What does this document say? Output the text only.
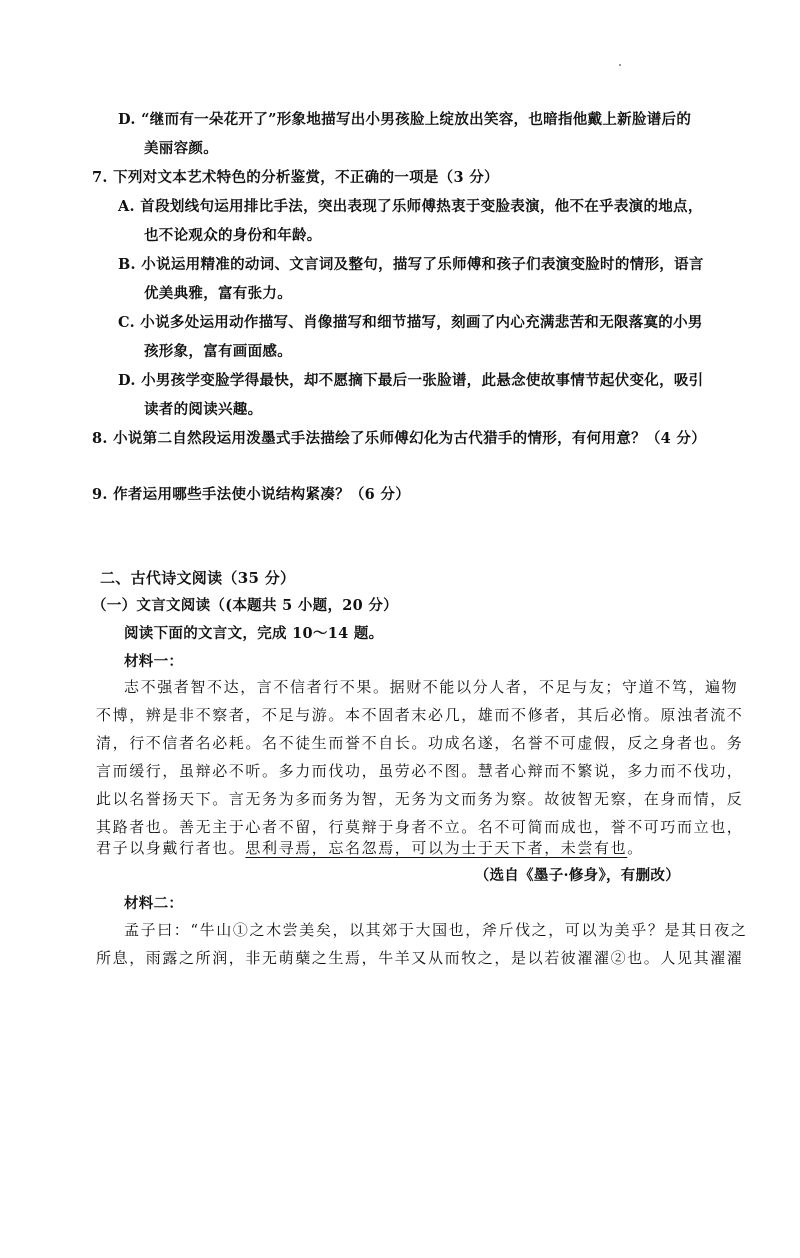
D. “继而有一朵花开了”形象地描写出小男孩脸上绽放出笑容，也暗指他戴上新脸谱后的
美丽容颜。
7. 下列对文本艺术特色的分析鉴赏，不正确的一项是（3 分）
A. 首段划线句运用排比手法，突出表现了乐师傅热衷于变脸表演，他不在乎表演的地点，
也不论观众的身份和年龄。
B. 小说运用精准的动词、文言词及整句，描写了乐师傅和孩子们表演变脸时的情形，语言
优美典雅，富有张力。
C. 小说多处运用动作描写、肖像描写和细节描写，刻画了内心充满悲苦和无限落寞的小男
孩形象，富有画面感。
D. 小男孩学变脸学得最快，却不愿摘下最后一张脸谱，此悬念使故事情节起伏变化，吸引
读者的阅读兴趣。
8. 小说第二自然段运用泼墨式手法描绘了乐师傅幻化为古代猎手的情形，有何用意？（4 分）
9. 作者运用哪些手法使小说结构紧凑？（6 分）
二、古代诗文阅读（35 分）
（一）文言文阅读（(本题共 5 小题，20 分）
阅读下面的文言文，完成 10～14 题。
材料一：
志不强者智不达，言不信者行不果。据财不能以分人者，不足与友；守道不笃，遍物
不博，辨是非不察者，不足与游。本不固者末必几，雄而不修者，其后必惰。原浊者流不
清，行不信者名必耗。名不徒生而誉不自长。功成名遂，名誉不可虚假，反之身者也。务
言而缓行，虽辩必不听。多力而伐功，虽劳必不图。慧者心辩而不繁说，多力而不伐功，
此以名誉扬天下。言无务为多而务为智，无务为文而务为察。故彼智无察，在身而情，反
其路者也。善无主于心者不留，行莫辩于身者不立。名不可简而成也，誉不可巧而立也，
君子以身戴行者也。思利寻焉，忘名忽焉，可以为士于天下者，未尝有也。
（选自《墨子·修身》，有删改）
材料二：
孟子曰：“牛山①之木尝美矣，以其郊于大国也，斧斤伐之，可以为美乎？是其日夜之
所息，雨露之所润，非无萌蘖之生焉，牛羊又从而牧之，是以若彼濯濯②也。人见其濯濯
